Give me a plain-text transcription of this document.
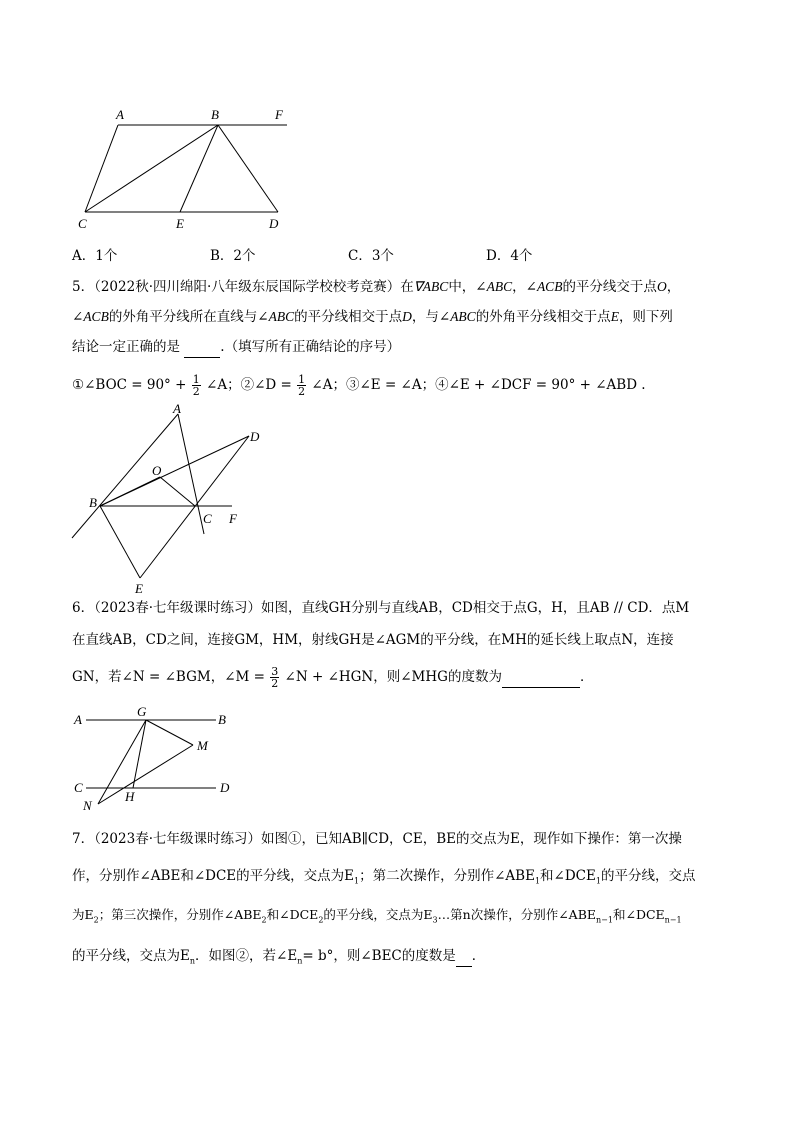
A	B	F
C	E	D
A．1个	B．2个	C．3个	D．4个
5．（2022秋·四川绵阳·八年级东辰国际学校校考竞赛）在∇ABC中，∠ABC，∠ACB的平分线交于点O，
∠ACB的外角平分线所在直线与∠ABC的平分线相交于点D，与∠ABC的外角平分线相交于点E，则下列
结论一定正确的是	.（填写所有正确结论的序号）
①∠BOC = $90^\circ + \frac{1}{2}$ ∠A；②∠D = $\frac{1}{2}$ ∠A；③∠E = ∠A；④∠E + ∠DCF = 90° + ∠ABD .
A
D
O
B
C F
E
6．（2023春·七年级课时练习）如图，直线GH分别与直线AB，CD相交于点G，H，且AB // CD．点M
在直线AB，CD之间，连接GM，HM，射线GH是∠AGM的平分线，在MH的延长线上取点N，连接
GN，若∠N = ∠BGM，∠M = $\frac{3}{2}$ ∠N + ∠HGN，则∠MHG的度数为	．
A
G
B
M
C	D
H
N
7．（2023春·七年级课时练习）如图①，已知AB∥CD，CE，BE的交点为E，现作如下操作：第一次操
作，分别作∠ABE和∠DCE的平分线，交点为$E_1$；第二次操作，分别作$\angle ABE_1$和$\angle DCE_1$的平分线，交点
为$E_2$；第三次操作，分别作$\angle ABE_2$和$\angle DCE_2$的平分线，交点为$E_3\dots$第n次操作，分别作$\angle ABE_{n-1}$和$\angle DCE_{n-1}$
的平分线，交点为$E_n$．如图②，若$\angle E_n= b^\circ$，则∠BEC的度数是 ．
